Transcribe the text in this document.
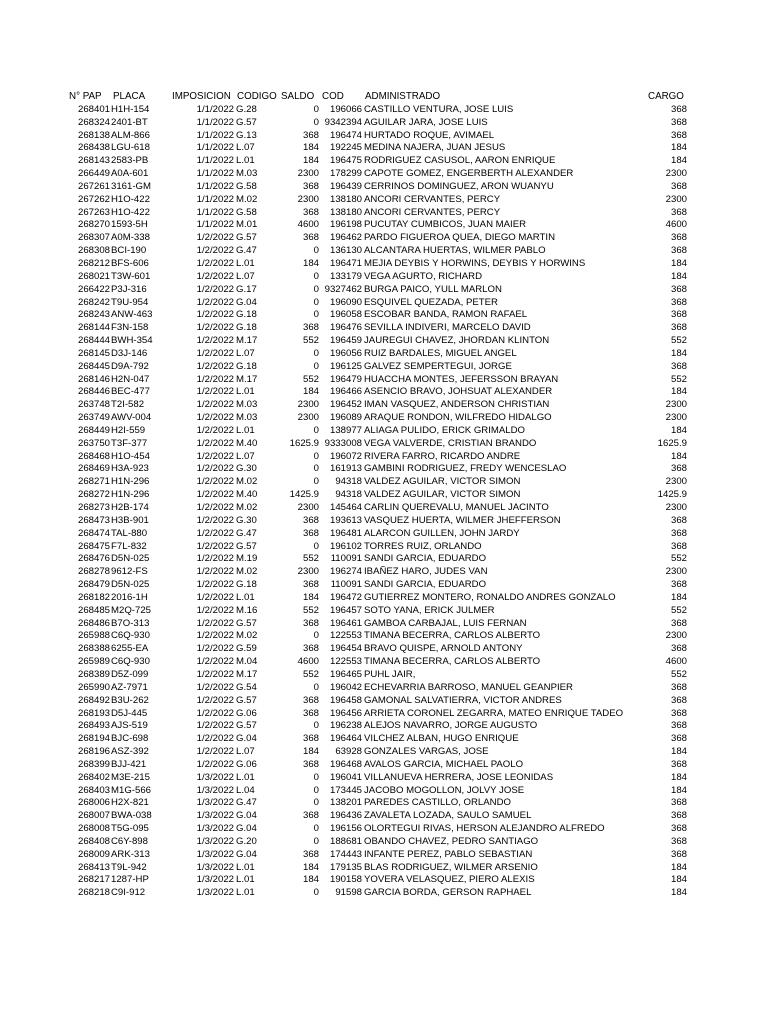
N° PAP PLACA	IMPOSICION CODIGO SALDO COD ADMINISTRADO	CARGO
268401 H1H-154	1/1/2022 G.28	0	196066 CASTILLO VENTURA, JOSE LUIS	368
268324 2401-BT	1/1/2022 G.57	0 9342394 AGUILAR JARA, JOSE LUIS	368
268138 ALM-866	1/1/2022 G.13	368	196474 HURTADO ROQUE, AVIMAEL	368
268438 LGU-618	1/1/2022 L.07	184	192245 MEDINA NAJERA, JUAN JESUS	184
268143 2583-PB	1/1/2022 L.01	184	196475 RODRIGUEZ CASUSOL, AARON ENRIQUE	184
266449 A0A-601	1/1/2022 M.03	2300	178299 CAPOTE GOMEZ, ENGERBERTH ALEXANDER	2300
267261 3161-GM	1/1/2022 G.58	368	196439 CERRINOS DOMINGUEZ, ARON WUANYU	368
267262 H1O-422	1/1/2022 M.02	2300	138180 ANCORI CERVANTES, PERCY	2300
267263 H1O-422	1/1/2022 G.58	368	138180 ANCORI CERVANTES, PERCY	368
268270 1593-5H	1/1/2022 M.01	4600	196198 PUCUTAY CUMBICOS, JUAN MAIER	4600
268307 A0M-338	1/2/2022 G.57	368	196462 PARDO FIGUEROA QUEA, DIEGO MARTIN	368
268308 BCI-190	1/2/2022 G.47	0	136130 ALCANTARA HUERTAS, WILMER PABLO	368
268212 BFS-606	1/2/2022 L.01	184	196471 MEJIA DEYBIS Y HORWINS, DEYBIS Y HORWINS	184
268021 T3W-601	1/2/2022 L.07	0	133179 VEGA AGURTO, RICHARD	184
266422 P3J-316	1/2/2022 G.17	0 9327462 BURGA PAICO, YULL MARLON	368
268242 T9U-954	1/2/2022 G.04	0	196090 ESQUIVEL QUEZADA, PETER	368
268243 ANW-463	1/2/2022 G.18	0	196058 ESCOBAR BANDA, RAMON RAFAEL	368
268144 F3N-158	1/2/2022 G.18	368	196476 SEVILLA INDIVERI, MARCELO DAVID	368
268444 BWH-354	1/2/2022 M.17	552	196459 JAUREGUI CHAVEZ, JHORDAN KLINTON	552
268145 D3J-146	1/2/2022 L.07	0	196056 RUIZ BARDALES, MIGUEL ANGEL	184
268445 D9A-792	1/2/2022 G.18	0	196125 GALVEZ SEMPERTEGUI, JORGE	368
268146 H2N-047	1/2/2022 M.17	552	196479 HUACCHA MONTES, JEFERSSON BRAYAN	552
268446 BEC-477	1/2/2022 L.01	184	196466 ASENCIO BRAVO, JOHSUAT ALEXANDER	184
263748 T2I-582	1/2/2022 M.03	2300	196452 IMAN VASQUEZ, ANDERSON CHRISTIAN	2300
263749 AWV-004	1/2/2022 M.03	2300	196089 ARAQUE RONDON, WILFREDO HIDALGO	2300
268449 H2I-559	1/2/2022 L.01	0	138977 ALIAGA PULIDO, ERICK GRIMALDO	184
263750 T3F-377	1/2/2022 M.40	1625.9 9333008 VEGA VALVERDE, CRISTIAN BRANDO	1625.9
268468 H1O-454	1/2/2022 L.07	0	196072 RIVERA FARRO, RICARDO ANDRE	184
268469 H3A-923	1/2/2022 G.30	0	161913 GAMBINI RODRIGUEZ, FREDY WENCESLAO	368
268271 H1N-296	1/2/2022 M.02	0	94318 VALDEZ AGUILAR, VICTOR SIMON	2300
268272 H1N-296	1/2/2022 M.40	1425.9	94318 VALDEZ AGUILAR, VICTOR SIMON	1425.9
268273 H2B-174	1/2/2022 M.02	2300	145464 CARLIN QUEREVALU, MANUEL JACINTO	2300
268473 H3B-901	1/2/2022 G.30	368	193613 VASQUEZ HUERTA, WILMER JHEFFERSON	368
268474 TAL-880	1/2/2022 G.47	368	196481 ALARCON GUILLEN, JOHN JARDY	368
268475 F7L-832	1/2/2022 G.57	0	196102 TORRES RUIZ, ORLANDO	368
268476 D5N-025	1/2/2022 M.19	552	110091 SANDI GARCIA, EDUARDO	552
268278 9612-FS	1/2/2022 M.02	2300	196274 IBAÑEZ HARO, JUDES VAN	2300
268479 D5N-025	1/2/2022 G.18	368	110091 SANDI GARCIA, EDUARDO	368
268182 2016-1H	1/2/2022 L.01	184	196472 GUTIERREZ MONTERO, RONALDO ANDRES GONZALO	184
268485 M2Q-725	1/2/2022 M.16	552	196457 SOTO YANA, ERICK JULMER	552
268486 B7O-313	1/2/2022 G.57	368	196461 GAMBOA CARBAJAL, LUIS FERNAN	368
265988 C6Q-930	1/2/2022 M.02	0	122553 TIMANA BECERRA, CARLOS ALBERTO	2300
268388 6255-EA	1/2/2022 G.59	368	196454 BRAVO QUISPE, ARNOLD ANTONY	368
265989 C6Q-930	1/2/2022 M.04	4600	122553 TIMANA BECERRA, CARLOS ALBERTO	4600
268389 D5Z-099	1/2/2022 M.17	552	196465 PUHL JAIR,	552
265990 AZ-7971	1/2/2022 G.54	0	196042 ECHEVARRIA BARROSO, MANUEL GEANPIER	368
268492 B3U-262	1/2/2022 G.57	368	196458 GAMONAL SALVATIERRA, VICTOR ANDRES	368
268193 D5J-445	1/2/2022 G.06	368	196456 ARRIETA CORONEL ZEGARRA, MATEO ENRIQUE TADEO	368
268493 AJS-519	1/2/2022 G.57	0	196238 ALEJOS NAVARRO, JORGE AUGUSTO	368
268194 BJC-698	1/2/2022 G.04	368	196464 VILCHEZ ALBAN, HUGO ENRIQUE	368
268196 ASZ-392	1/2/2022 L.07	184	63928 GONZALES VARGAS, JOSE	184
268399 BJJ-421	1/2/2022 G.06	368	196468 AVALOS GARCIA, MICHAEL PAOLO	368
268402 M3E-215	1/3/2022 L.01	0	196041 VILLANUEVA HERRERA, JOSE LEONIDAS	184
268403 M1G-566	1/3/2022 L.04	0	173445 JACOBO MOGOLLON, JOLVY JOSE	184
268006 H2X-821	1/3/2022 G.47	0	138201 PAREDES CASTILLO, ORLANDO	368
268007 BWA-038	1/3/2022 G.04	368	196436 ZAVALETA LOZADA, SAULO SAMUEL	368
268008 T5G-095	1/3/2022 G.04	0	196156 OLORTEGUI RIVAS, HERSON ALEJANDRO ALFREDO	368
268408 C6Y-898	1/3/2022 G.20	0	188681 OBANDO CHAVEZ, PEDRO SANTIAGO	368
268009 ARK-313	1/3/2022 G.04	368	174443 INFANTE PEREZ, PABLO SEBASTIAN	368
268413 T9L-942	1/3/2022 L.01	184	179135 BLAS RODRIGUEZ, WILMER ARSENIO	184
268217 1287-HP	1/3/2022 L.01	184	190158 YOVERA VELASQUEZ, PIERO ALEXIS	184
268218 C9I-912	1/3/2022 L.01	0	91598 GARCIA BORDA, GERSON RAPHAEL	184
